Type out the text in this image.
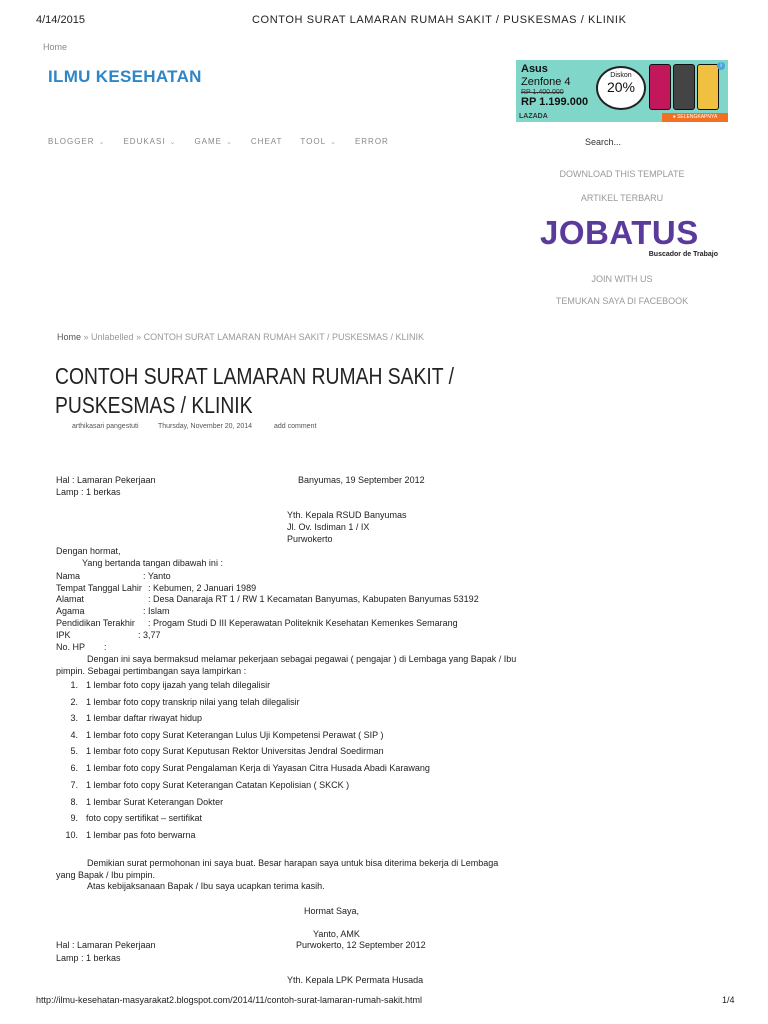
4/14/2015	CONTOH SURAT LAMARAN RUMAH SAKIT / PUSKESMAS / KLINIK
Home
ILMU KESEHATAN	Asus
Zenfone 4
RP 1.400.000
RP 1.199.000
Diskon
20%
LAZADA	● SELENGKAPNYA
i
BLOGGER ⌄ EDUKASI ⌄ GAME ⌄ CHEAT TOOL ⌄ ERROR	Search...
DOWNLOAD THIS TEMPLATE
ARTIKEL TERBARU
JOBATUS
Buscador de Trabajo
JOIN WITH US
TEMUKAN SAYA DI FACEBOOK
Home » Unlabelled » CONTOH SURAT LAMARAN RUMAH SAKIT / PUSKESMAS / KLINIK
CONTOH SURAT LAMARAN RUMAH SAKIT / PUSKESMAS / KLINIK
arthikasari pangestuti	Thursday, November 20, 2014	add comment
Hal : Lamaran Pekerjaan	Banyumas, 19 September 2012
Lamp : 1 berkas
Yth. Kepala RSUD Banyumas
Jl. Ov. Isdiman 1 / IX
Purwokerto
Dengan hormat,
Yang bertanda tangan dibawah ini :
Nama	: Yanto
Tempat Tanggal Lahir : Kebumen, 2 Januari 1989
Alamat	: Desa Danaraja RT 1 / RW 1 Kecamatan Banyumas, Kabupaten Banyumas 53192
Agama	: Islam
Pendidikan Terakhir : Progam Studi D III Keperawatan Politeknik Kesehatan Kemenkes Semarang
IPK	: 3,77
No. HP :
Dengan ini saya bermaksud melamar pekerjaan sebagai pegawai ( pengajar ) di Lembaga yang Bapak / Ibu
pimpin. Sebagai pertimbangan saya lampirkan :
1. 1 lembar foto copy ijazah yang telah dilegalisir
2. 1 lembar foto copy transkrip nilai yang telah dilegalisir
3. 1 lembar daftar riwayat hidup
4. 1 lembar foto copy Surat Keterangan Lulus Uji Kompetensi Perawat ( SIP )
5. 1 lembar foto copy Surat Keputusan Rektor Universitas Jendral Soedirman
6. 1 lembar foto copy Surat Pengalaman Kerja di Yayasan Citra Husada Abadi Karawang
7. 1 lembar foto copy Surat Keterangan Catatan Kepolisian ( SKCK )
8. 1 lembar Surat Keterangan Dokter
9. foto copy sertifikat – sertifikat
10. 1 lembar pas foto berwarna
Demikian surat permohonan ini saya buat. Besar harapan saya untuk bisa diterima bekerja di Lembaga
yang Bapak / Ibu pimpin.
Atas kebijaksanaan Bapak / Ibu saya ucapkan terima kasih.
Hormat Saya,
Yanto, AMK
Hal : Lamaran Pekerjaan	Purwokerto, 12 September 2012
Lamp : 1 berkas
Yth. Kepala LPK Permata Husada
http://ilmu-kesehatan-masyarakat2.blogspot.com/2014/11/contoh-surat-lamaran-rumah-sakit.html	1/4
